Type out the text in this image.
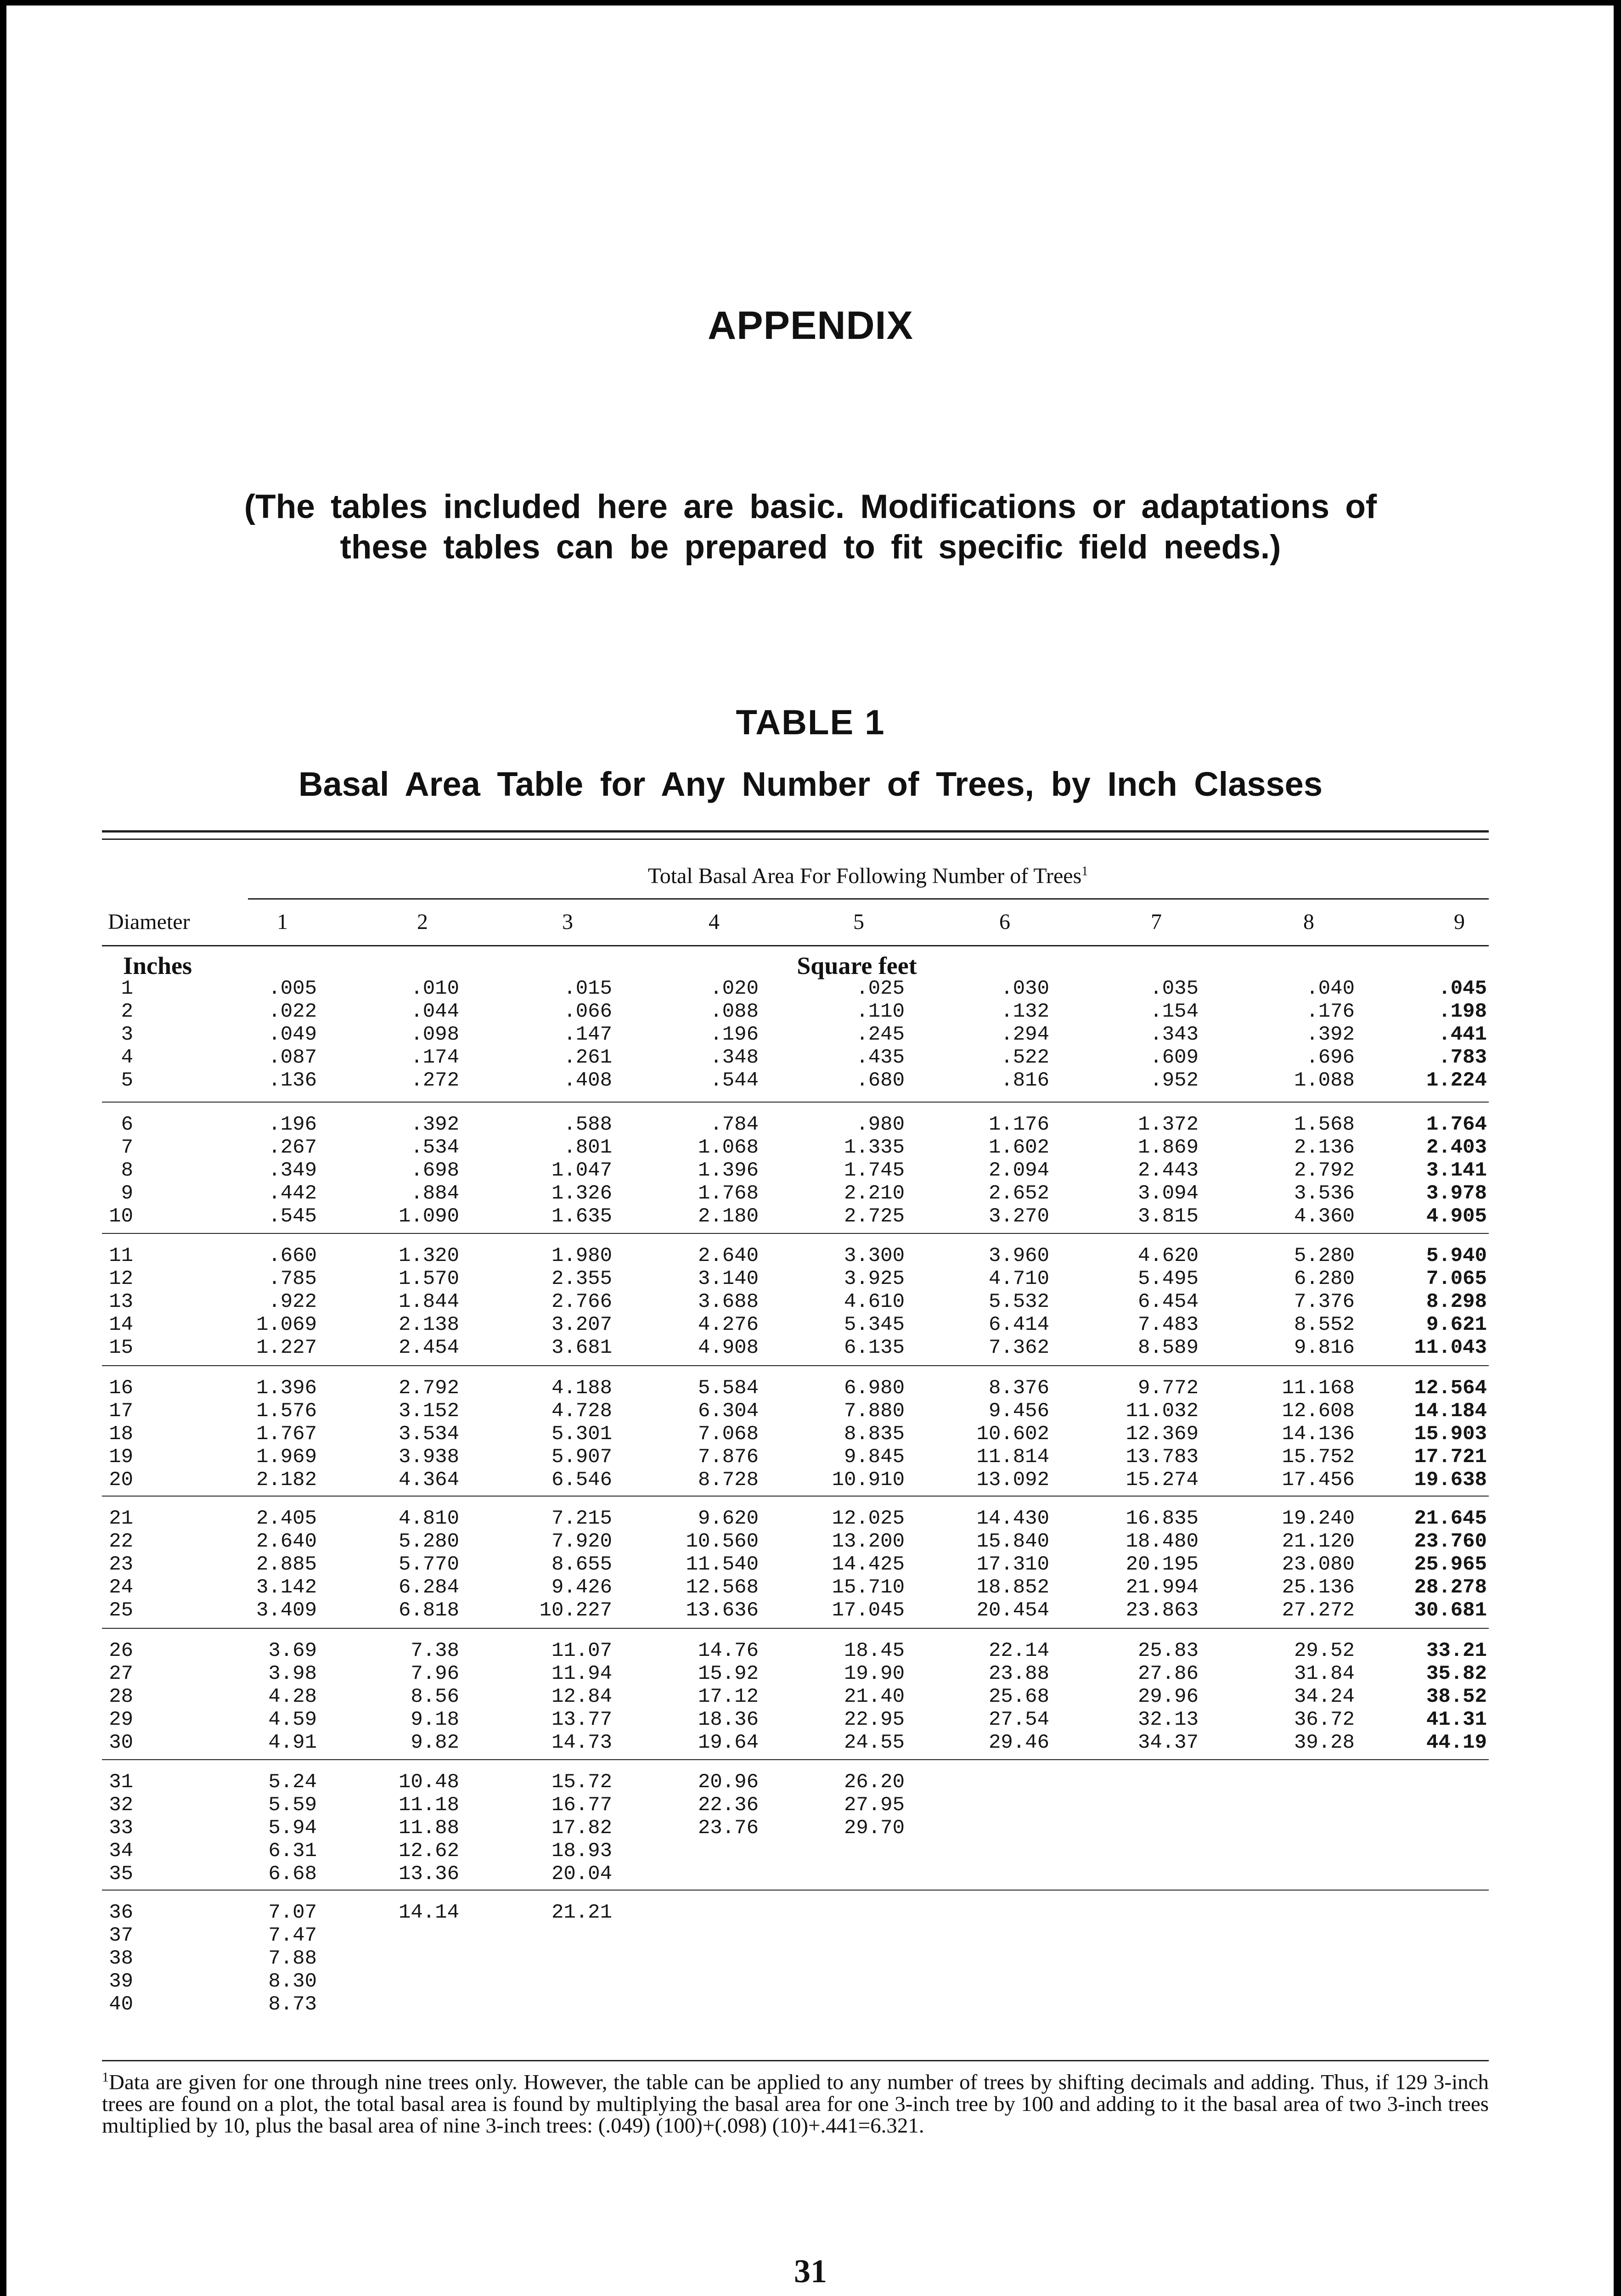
APPENDIX
(The tables included here are basic. Modifications or adaptations of
these tables can be prepared to fit specific field needs.)
TABLE 1
Basal Area Table for Any Number of Trees, by Inch Classes
Total Basal Area For Following Number of Trees$^1$
Diameter	1	2	3	4	5	6	7	8	9
Inches	Square feet
1	.005	.010	.015	.020	.025	.030	.035	.040	.045
2	.022	.044	.066	.088	.110	.132	.154	.176	.198
3	.049	.098	.147	.196	.245	.294	.343	.392	.441
4	.087	.174	.261	.348	.435	.522	.609	.696	.783
5	.136	.272	.408	.544	.680	.816	.952	1.088	1.224
6	.196	.392	.588	.784	.980	1.176	1.372	1.568	1.764
7	.267	.534	.801	1.068	1.335	1.602	1.869	2.136	2.403
8	.349	.698	1.047	1.396	1.745	2.094	2.443	2.792	3.141
9	.442	.884	1.326	1.768	2.210	2.652	3.094	3.536	3.978
10	.545	1.090	1.635	2.180	2.725	3.270	3.815	4.360	4.905
11	.660	1.320	1.980	2.640	3.300	3.960	4.620	5.280	5.940
12	.785	1.570	2.355	3.140	3.925	4.710	5.495	6.280	7.065
13	.922	1.844	2.766	3.688	4.610	5.532	6.454	7.376	8.298
14	1.069	2.138	3.207	4.276	5.345	6.414	7.483	8.552	9.621
15	1.227	2.454	3.681	4.908	6.135	7.362	8.589	9.816	11.043
16	1.396	2.792	4.188	5.584	6.980	8.376	9.772	11.168	12.564
17	1.576	3.152	4.728	6.304	7.880	9.456	11.032	12.608	14.184
18	1.767	3.534	5.301	7.068	8.835	10.602	12.369	14.136	15.903
19	1.969	3.938	5.907	7.876	9.845	11.814	13.783	15.752	17.721
20	2.182	4.364	6.546	8.728	10.910	13.092	15.274	17.456	19.638
21	2.405	4.810	7.215	9.620	12.025	14.430	16.835	19.240	21.645
22	2.640	5.280	7.920	10.560	13.200	15.840	18.480	21.120	23.760
23	2.885	5.770	8.655	11.540	14.425	17.310	20.195	23.080	25.965
24	3.142	6.284	9.426	12.568	15.710	18.852	21.994	25.136	28.278
25	3.409	6.818	10.227	13.636	17.045	20.454	23.863	27.272	30.681
26	3.69	7.38	11.07	14.76	18.45	22.14	25.83	29.52	33.21
27	3.98	7.96	11.94	15.92	19.90	23.88	27.86	31.84	35.82
28	4.28	8.56	12.84	17.12	21.40	25.68	29.96	34.24	38.52
29	4.59	9.18	13.77	18.36	22.95	27.54	32.13	36.72	41.31
30	4.91	9.82	14.73	19.64	24.55	29.46	34.37	39.28	44.19
31	5.24	10.48	15.72	20.96	26.20
32	5.59	11.18	16.77	22.36	27.95
33	5.94	11.88	17.82	23.76	29.70
34	6.31	12.62	18.93
35	6.68	13.36	20.04
36	7.07	14.14	21.21
37	7.47
38	7.88
39	8.30
40	8.73
$^1$Data are given for one through nine trees only. However, the table can be applied to any number of trees by shifting decimals and adding. Thus, if 129 3-inch trees are found on a plot, the total basal area is found by multiplying the basal area for one 3-inch tree by 100 and adding to it the basal area of two 3-inch trees multiplied by 10, plus the basal area of nine 3-inch trees: (.049) (100)+(.098) (10)+.441=6.321.
31
